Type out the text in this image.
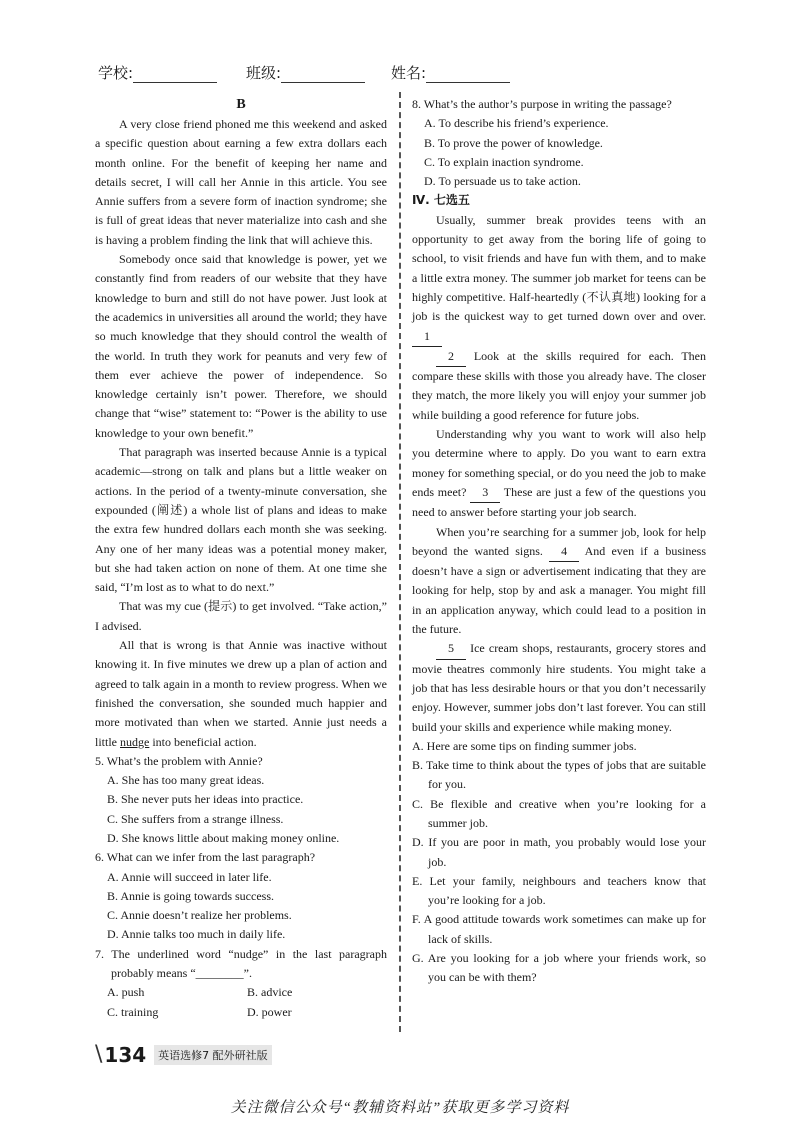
学校:	班级:	姓名:
B

A very close friend phoned me this weekend and asked a specific question about earning a few extra dollars each month online. For the benefit of keeping her name and details secret, I will call her Annie in this article. You see Annie suffers from a severe form of inaction syndrome; she is full of great ideas that never materialize into cash and she is having a problem finding the link that will achieve this.

Somebody once said that knowledge is power, yet we constantly find from readers of our website that they have knowledge to burn and still do not have power. Just look at the academics in universities all around the world; they have so much knowledge that they should control the wealth of the world. In truth they work for peanuts and very few of them ever achieve the power of independence. So knowledge certainly isn’t power. Therefore, we should change that “wise” statement to: “Power is the ability to use knowledge to your own benefit.”

That paragraph was inserted because Annie is a typical academic—strong on talk and plans but a little weaker on actions. In the period of a twenty-minute conversation, she expounded (阐述) a whole list of plans and ideas to make the extra few hundred dollars each month she was seeking. Any one of her many ideas was a potential money maker, but she had taken action on none of them. At one time she said, “I’m lost as to what to do next.”

That was my cue (提示) to get involved. “Take action,” I advised.

All that is wrong is that Annie was inactive without knowing it. In five minutes we drew up a plan of action and agreed to talk again in a month to review progress. When we finished the conversation, she sounded much happier and more motivated than when we started. Annie just needs a little nudge into beneficial action.

5. What’s the problem with Annie?
A. She has too many great ideas.
B. She never puts her ideas into practice.
C. She suffers from a strange illness.
D. She knows little about making money online.
6. What can we infer from the last paragraph?
A. Annie will succeed in later life.
B. Annie is going towards success.
C. Annie doesn’t realize her problems.
D. Annie talks too much in daily life.
7. The underlined word “nudge” in the last paragraph probably means “________”.
A. push	B. advice
C. training	D. power
8. What’s the author’s purpose in writing the passage?
A. To describe his friend’s experience.
B. To prove the power of knowledge.
C. To explain inaction syndrome.
D. To persuade us to take action.
Ⅳ. 七选五

Usually, summer break provides teens with an opportunity to get away from the boring life of going to school, to visit friends and have fun with them, and to make a little extra money. The summer job market for teens can be highly competitive. Half-heartedly (不认真地) looking for a job is the quickest way to get turned down over and over. 1

2 Look at the skills required for each. Then compare these skills with those you already have. The closer they match, the more likely you will enjoy your summer job while building a good reference for future jobs.

Understanding why you want to work will also help you determine where to apply. Do you want to earn extra money for something special, or do you need the job to make ends meet? 3 These are just a few of the questions you need to answer before starting your job search.

When you’re searching for a summer job, look for help beyond the wanted signs. 4 And even if a business doesn’t have a sign or advertisement indicating that they are looking for help, stop by and ask a manager. You might fill in an application anyway, which could lead to a position in the future.

5 Ice cream shops, restaurants, grocery stores and movie theatres commonly hire students. You might take a job that has less desirable hours or that you don’t necessarily enjoy. However, summer jobs don’t last forever. You can still build your skills and experience while making money.

A. Here are some tips on finding summer jobs.
B. Take time to think about the types of jobs that are suitable for you.
C. Be flexible and creative when you’re looking for a summer job.
D. If you are poor in math, you probably would lose your job.
E. Let your family, neighbours and teachers know that you’re looking for a job.
F. A good attitude towards work sometimes can make up for lack of skills.
G. Are you looking for a job where your friends work, so you can be with them?
\ 134	英语选修7 配外研社版
关注微信公众号“教辅资料站”获取更多学习资料
